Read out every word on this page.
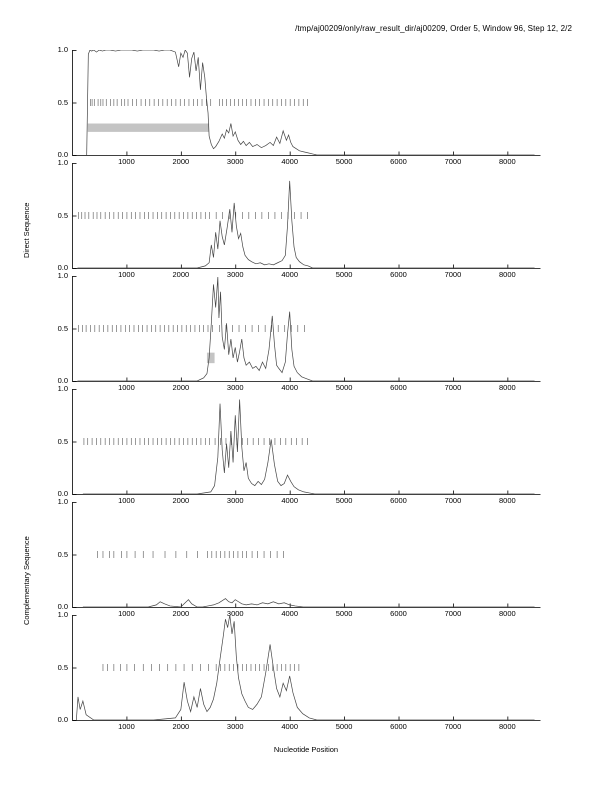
/tmp/aj00209/only/raw_result_dir/aj00209, Order 5, Window 96, Step 12, 2/2
0.0
0.5
1.0
1000	2000	3000	4000	5000	6000	7000	8000
0.0
0.5
1.0
1000	2000	3000	4000	5000	6000	7000	8000
0.0
0.5
1.0
1000	2000	3000	4000	5000	6000	7000	8000
0.0
0.5
1.0
1000	2000	3000	4000	5000	6000	7000	8000
0.0
0.5
1.0
1000	2000	3000	4000	5000	6000	7000	8000
0.0
0.5
1.0
1000	2000	3000	4000	5000	6000	7000	8000
Nucleotide Position
Direct Sequence
Complementary Sequence
